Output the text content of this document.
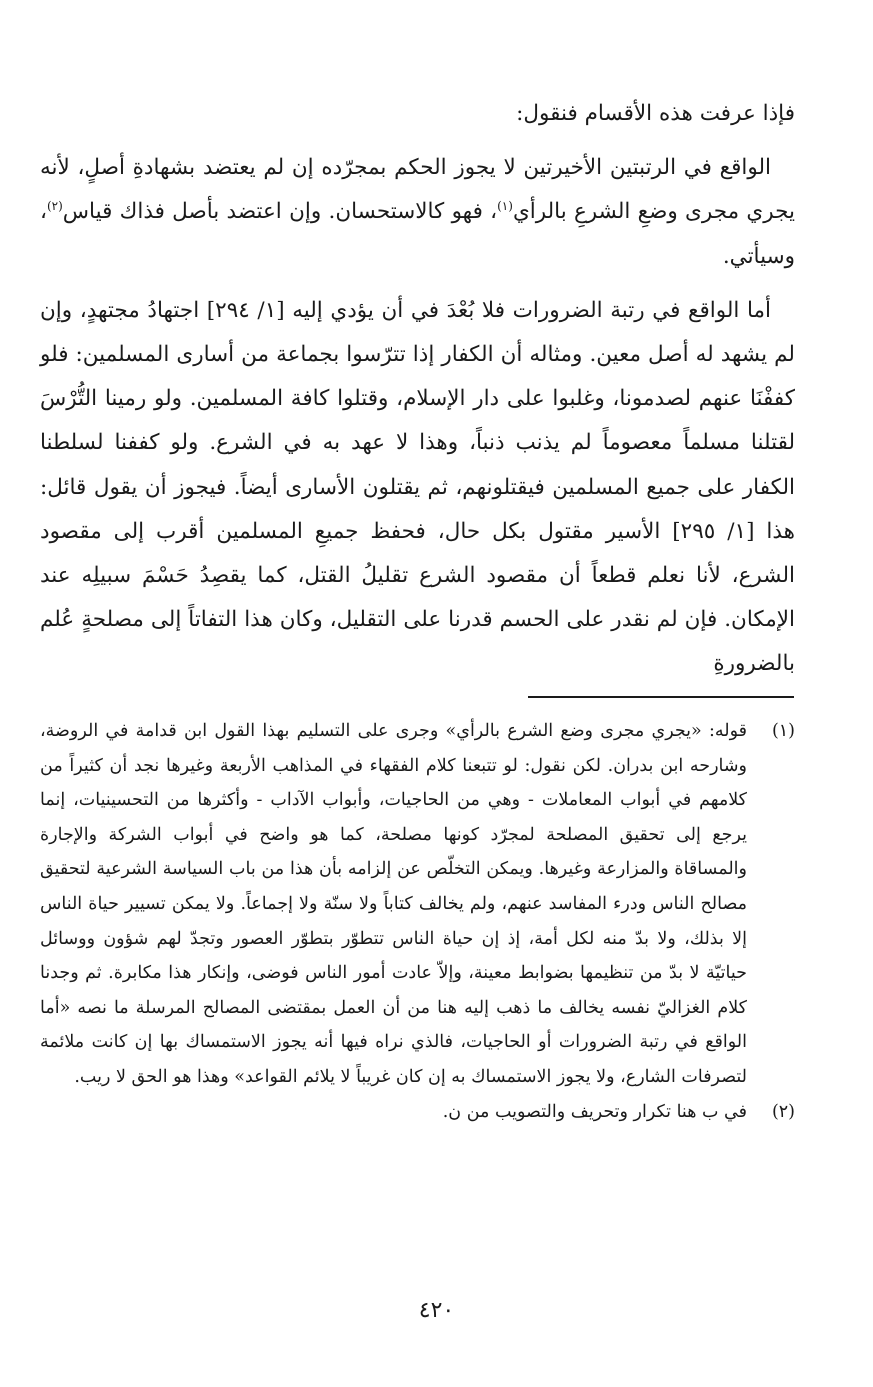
فإذا عرفت هذه الأقسام فنقول:

الواقع في الرتبتين الأخيرتين لا يجوز الحكم بمجرّده إن لم يعتضد بشهادةِ أصلٍ، لأنه يجري مجرى وضعِ الشرعِ بالرأي$^{(١)}$، فهو كالاستحسان. وإن اعتضد بأصل فذاك قياس$^{(٢)}$، وسيأتي.

أما الواقع في رتبة الضرورات فلا بُعْدَ في أن يؤدي إليه [١/ ٢٩٤] اجتهادُ مجتهدٍ، وإن لم يشهد له أصل معين. ومثاله أن الكفار إذا تترّسوا بجماعة من أسارى المسلمين: فلو كففْنَا عنهم لصدمونا، وغلبوا على دار الإسلام، وقتلوا كافة المسلمين. ولو رمينا التُّرْسَ لقتلنا مسلماً معصوماً لم يذنب ذنباً، وهذا لا عهد به في الشرع. ولو كففنا لسلطنا الكفار على جميع المسلمين فيقتلونهم، ثم يقتلون الأسارى أيضاً. فيجوز أن يقول قائل: هذا [١/ ٢٩٥] الأسير مقتول بكل حال، فحفظ جميعِ المسلمين أقرب إلى مقصود الشرع، لأنا نعلم قطعاً أن مقصود الشرع تقليلُ القتل، كما يقصِدُ حَسْمَ سبيلِه عند الإمكان. فإن لم نقدر على الحسم قدرنا على التقليل، وكان هذا التفاتاً إلى مصلحةٍ عُلم بالضرورةِ

(١)
قوله: «يجري مجرى وضع الشرع بالرأي» وجرى على التسليم بهذا القول ابن قدامة في الروضة، وشارحه ابن بدران. لكن نقول: لو تتبعنا كلام الفقهاء في المذاهب الأربعة وغيرها نجد أن كثيراً من كلامهم في أبواب المعاملات - وهي من الحاجيات، وأبواب الآداب - وأكثرها من التحسينيات، إنما يرجع إلى تحقيق المصلحة لمجرّد كونها مصلحة، كما هو واضح في أبواب الشركة والإجارة والمساقاة والمزارعة وغيرها. ويمكن التخلّص عن إلزامه بأن هذا من باب السياسة الشرعية لتحقيق مصالح الناس ودرء المفاسد عنهم، ولم يخالف كتاباً ولا سنّة ولا إجماعاً. ولا يمكن تسيير حياة الناس إلا بذلك، ولا بدّ منه لكل أمة، إذ إن حياة الناس تتطوّر بتطوّر العصور وتجدّ لهم شؤون ووسائل حياتيّة لا بدّ من تنظيمها بضوابط معينة، وإلاّ عادت أمور الناس فوضى، وإنكار هذا مكابرة. ثم وجدنا كلام الغزاليّ نفسه يخالف ما ذهب إليه هنا من أن العمل بمقتضى المصالح المرسلة ما نصه «أما الواقع في رتبة الضرورات أو الحاجيات، فالذي نراه فيها أنه يجوز الاستمساك بها إن كانت ملائمة لتصرفات الشارع، ولا يجوز الاستمساك به إن كان غريباً لا يلائم القواعد» وهذا هو الحق لا ريب.
(٢)
في ب هنا تكرار وتحريف والتصويب من ن.
٤٢٠
